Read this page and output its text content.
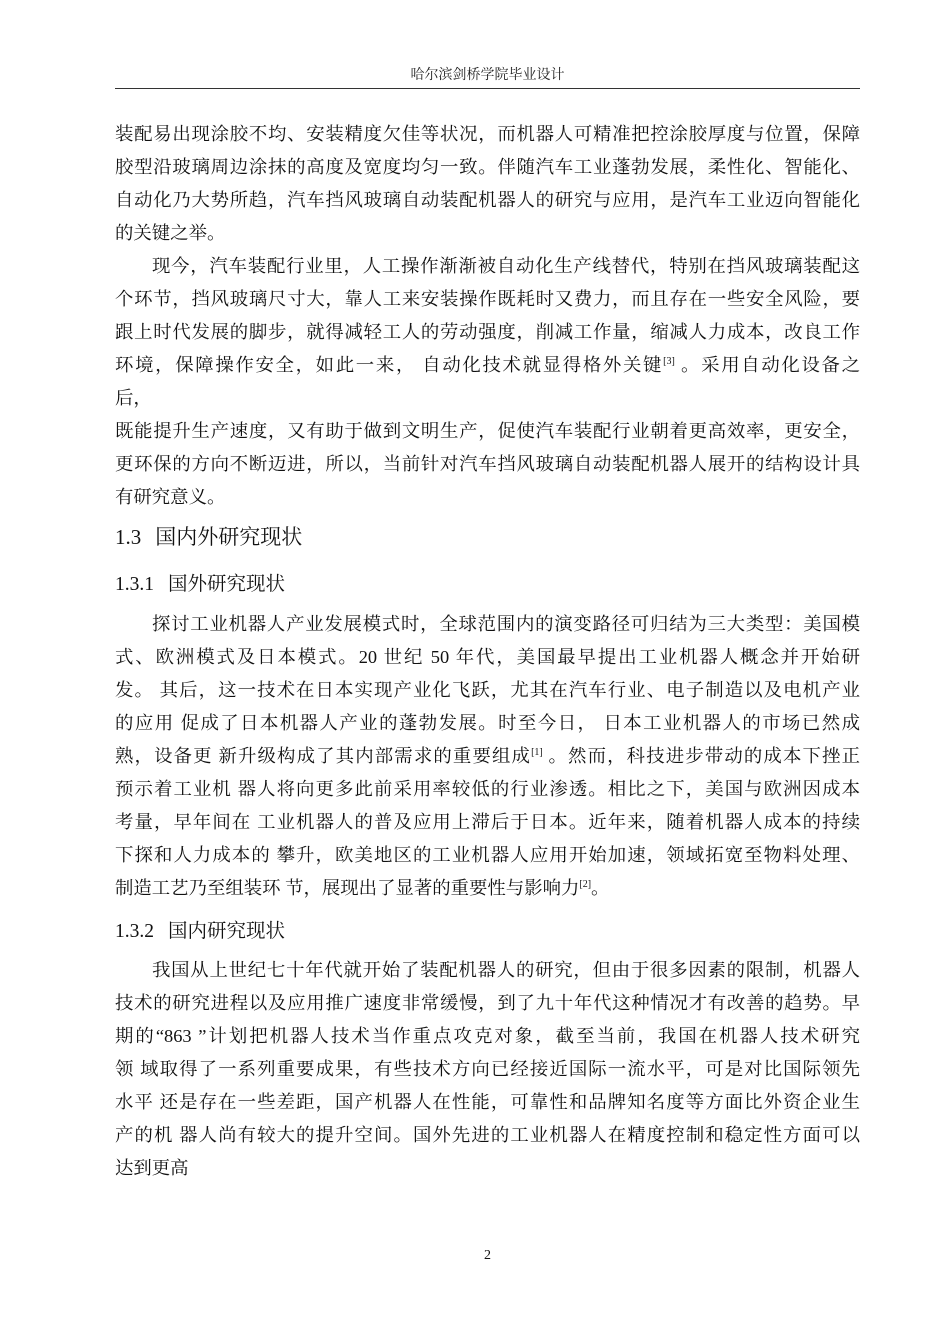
哈尔滨剑桥学院毕业设计
装配易出现涂胶不均、安装精度欠佳等状况，而机器人可精准把控涂胶厚度与位置，保障
胶型沿玻璃周边涂抹的高度及宽度均匀一致。伴随汽车工业蓬勃发展，柔性化、智能化、
自动化乃大势所趋，汽车挡风玻璃自动装配机器人的研究与应用，是汽车工业迈向智能化
的关键之举。
现今，汽车装配行业里，人工操作渐渐被自动化生产线替代，特别在挡风玻璃装配这
个环节，挡风玻璃尺寸大，靠人工来安装操作既耗时又费力，而且存在一些安全风险，要
跟上时代发展的脚步，就得减轻工人的劳动强度，削减工作量，缩减人力成本，改良工作
环境，保障操作安全，如此一来， 自动化技术就显得格外关键[3] 。采用自动化设备之
后，
既能提升生产速度，又有助于做到文明生产，促使汽车装配行业朝着更高效率，更安全，
更环保的方向不断迈进，所以，当前针对汽车挡风玻璃自动装配机器人展开的结构设计具
有研究意义。
1.3 国内外研究现状
1.3.1 国外研究现状
探讨工业机器人产业发展模式时，全球范围内的演变路径可归结为三大类型：美国模
式、欧洲模式及日本模式。20 世纪 50 年代，美国最早提出工业机器人概念并开始研
发。 其后，这一技术在日本实现产业化飞跃，尤其在汽车行业、电子制造以及电机产业
的应用 促成了日本机器人产业的蓬勃发展。时至今日， 日本工业机器人的市场已然成
熟，设备更 新升级构成了其内部需求的重要组成[1] 。然而，科技进步带动的成本下挫正
预示着工业机 器人将向更多此前采用率较低的行业渗透。相比之下，美国与欧洲因成本
考量，早年间在 工业机器人的普及应用上滞后于日本。近年来，随着机器人成本的持续
下探和人力成本的 攀升，欧美地区的工业机器人应用开始加速，领域拓宽至物料处理、
制造工艺乃至组装环 节，展现出了显著的重要性与影响力[2]。
1.3.2 国内研究现状
我国从上世纪七十年代就开始了装配机器人的研究，但由于很多因素的限制，机器人
技术的研究进程以及应用推广速度非常缓慢，到了九十年代这种情况才有改善的趋势。早
期的“863 ”计划把机器人技术当作重点攻克对象，截至当前，我国在机器人技术研究
领 域取得了一系列重要成果，有些技术方向已经接近国际一流水平，可是对比国际领先
水平 还是存在一些差距，国产机器人在性能，可靠性和品牌知名度等方面比外资企业生
产的机 器人尚有较大的提升空间。国外先进的工业机器人在精度控制和稳定性方面可以
达到更高
2
